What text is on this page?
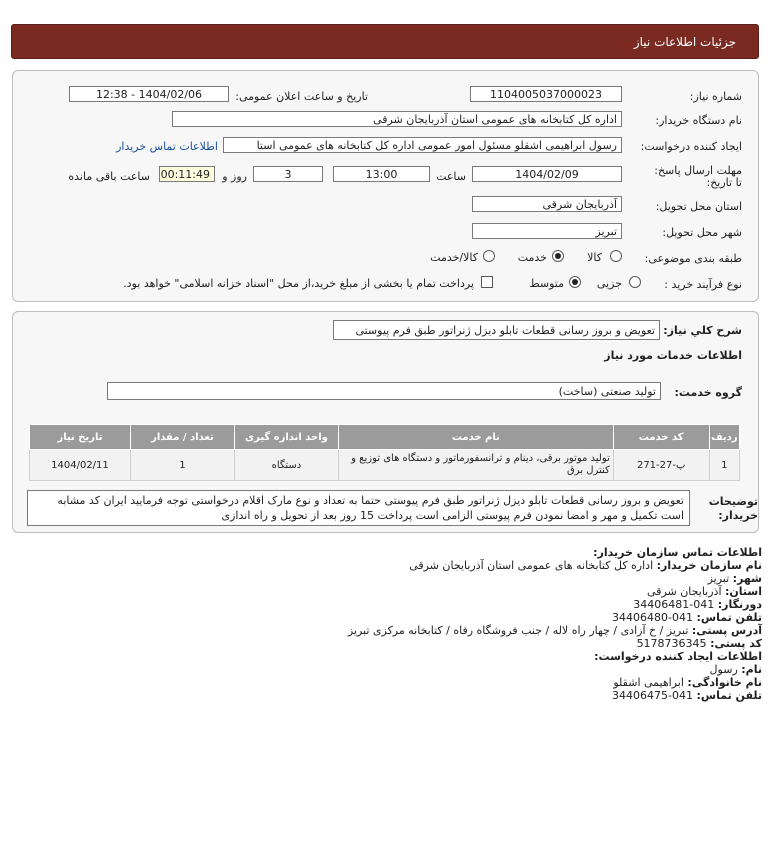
جزئیات اطلاعات نیاز
شماره نیاز:
1104005037000023
تاریخ و ساعت اعلان عمومی:
1404/02/06 - 12:38
نام دستگاه خریدار:
اداره کل کتابخانه های عمومی استان آذربایجان شرقی
ایجاد کننده درخواست:
رسول ابراهیمی اشقلو مسئول امور عمومی اداره کل کتابخانه های عمومی استا
اطلاعات تماس خریدار
مهلت ارسال پاسخ: تا تاریخ:
1404/02/09
ساعت
13:00
3
روز و
00:11:49
ساعت باقی مانده
استان محل تحویل:
آذربایجان شرقی
شهر محل تحویل:
تبریز
طبقه بندی موضوعی:
کالا
خدمت
کالا/خدمت
نوع فرآیند خرید :
جزیی
متوسط
پرداخت تمام یا بخشی از مبلغ خرید،از محل "اسناد خزانه اسلامی" خواهد بود.
شرح کلي نياز:
تعویض و بروز رسانی قطعات تابلو دیزل ژنراتور طبق فرم پیوستی
اطلاعات خدمات مورد نیاز
گروه خدمت:
تولید صنعتی (ساخت)
ردیف	کد خدمت	نام خدمت	واحد اندازه گیری	تعداد / مقدار	تاریخ نیاز
1	پ-27-271	تولید موتور برقی، دینام و ترانسفورماتور و دستگاه های توزیع و کنترل برق	دستگاه	1	1404/02/11
توضیحات خریدار:
تعویض و بروز رسانی قطعات تابلو دیزل ژنراتور طبق فرم پیوستی حتما به تعداد و نوع مارک اقلام درخواستی توجه فرمایید ایران کد مشابه است تکمیل و مهر و امضا نمودن فرم پیوستی الزامی است پرداخت 15 روز بعد از تحویل و راه اندازی
اطلاعات تماس سازمان خریدار:
نام سازمان خریدار: اداره کل کتابخانه های عمومی استان آذربایجان شرقی
شهر: تبریز
استان: آذربایجان شرقی
دورنگار: 041-34406481
تلفن تماس: 041-34406480
آدرس پستی: تبریز / خ آزادی / چهار راه لاله / جنب فروشگاه رفاه / کتابخانه مرکزی تبریز
کد پستی: 5178736345
اطلاعات ایجاد کننده درخواست:
نام: رسول
نام خانوادگی: ابراهیمی اشقلو
تلفن تماس: 041-34406475
